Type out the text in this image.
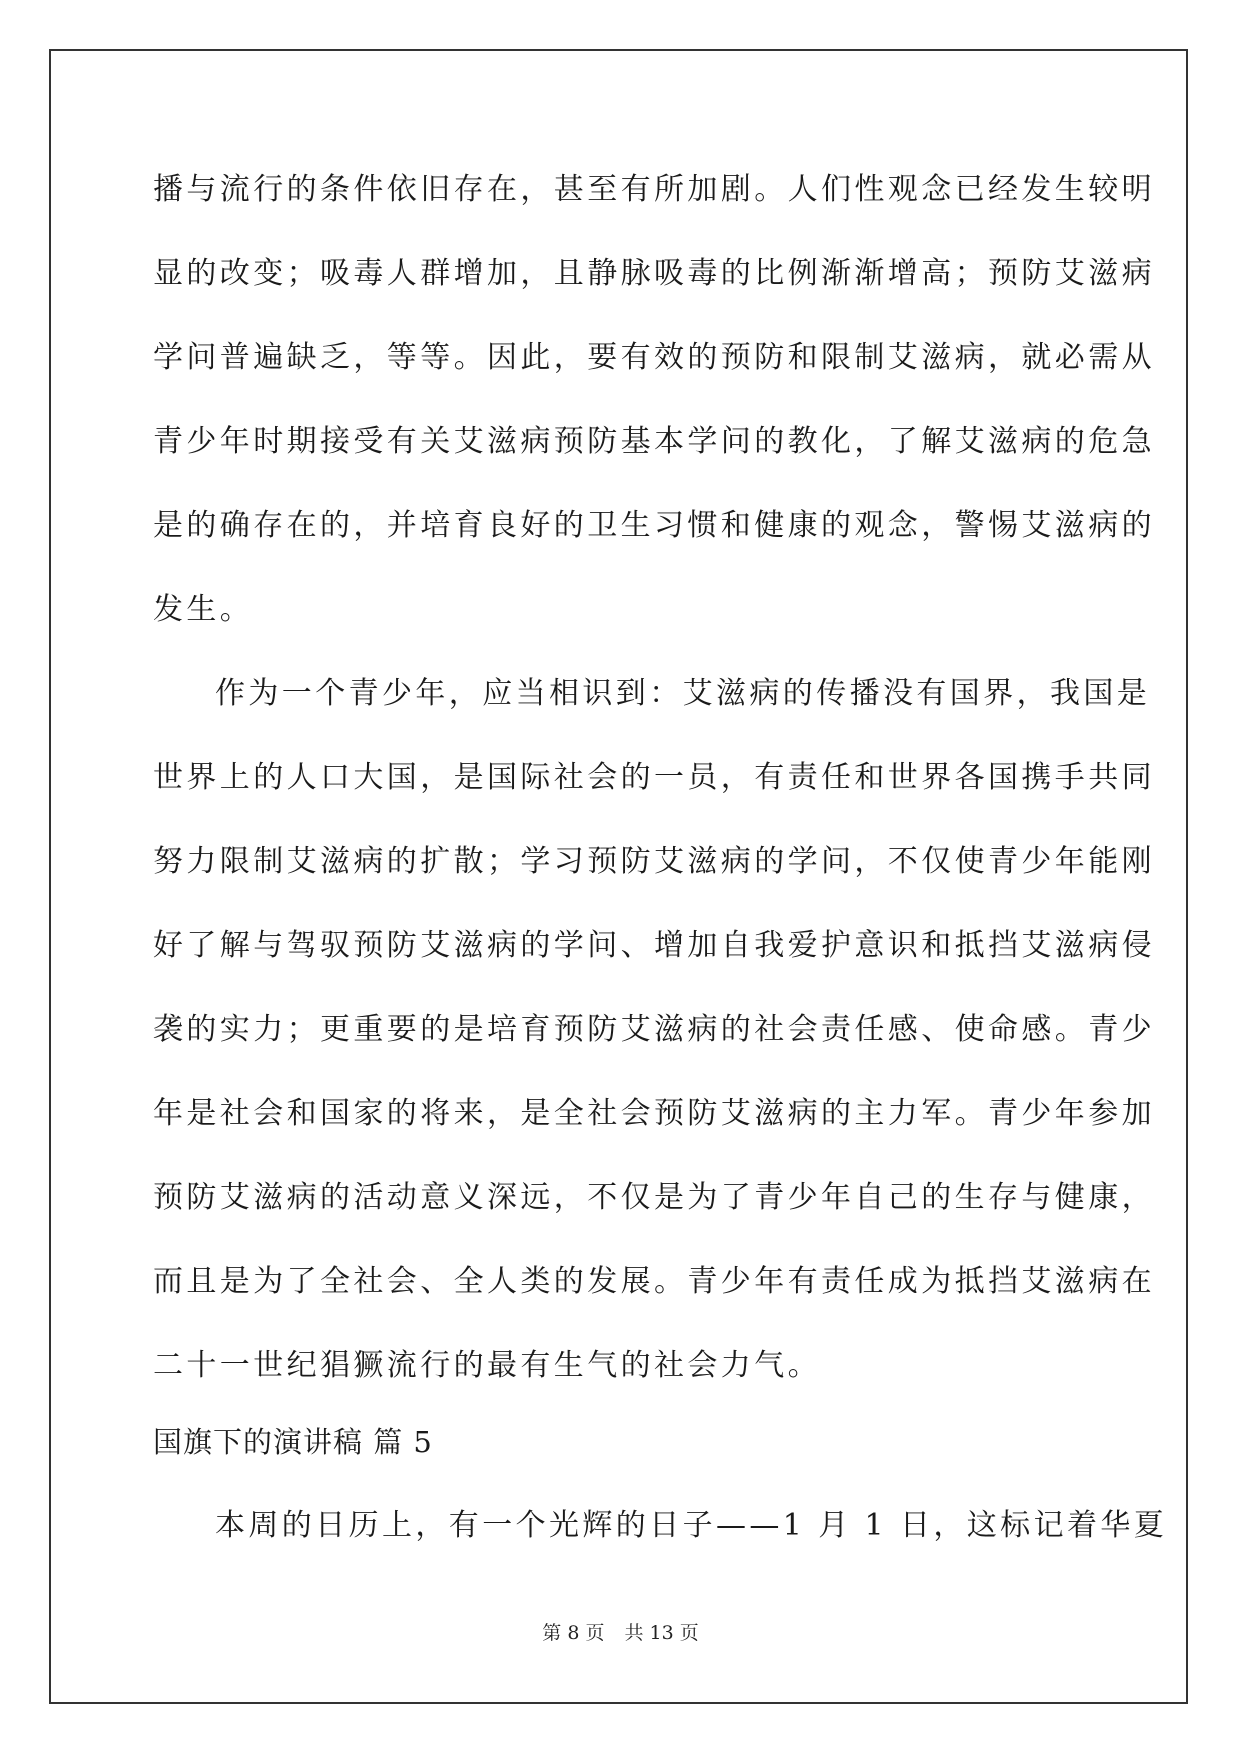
播与流行的条件依旧存在，甚至有所加剧。人们性观念已经发生较明
显的改变；吸毒人群增加，且静脉吸毒的比例渐渐增高；预防艾滋病
学问普遍缺乏，等等。因此，要有效的预防和限制艾滋病，就必需从
青少年时期接受有关艾滋病预防基本学问的教化，了解艾滋病的危急
是的确存在的，并培育良好的卫生习惯和健康的观念，警惕艾滋病的
发生。
作为一个青少年，应当相识到：艾滋病的传播没有国界，我国是
世界上的人口大国，是国际社会的一员，有责任和世界各国携手共同
努力限制艾滋病的扩散；学习预防艾滋病的学问，不仅使青少年能刚
好了解与驾驭预防艾滋病的学问、增加自我爱护意识和抵挡艾滋病侵
袭的实力；更重要的是培育预防艾滋病的社会责任感、使命感。青少
年是社会和国家的将来，是全社会预防艾滋病的主力军。青少年参加
预防艾滋病的活动意义深远，不仅是为了青少年自己的生存与健康，
而且是为了全社会、全人类的发展。青少年有责任成为抵挡艾滋病在
二十一世纪猖獗流行的最有生气的社会力气。
国旗下的演讲稿 篇 5
本周的日历上，有一个光辉的日子——1 月 1 日，这标记着华夏
第 8 页 共 13 页
